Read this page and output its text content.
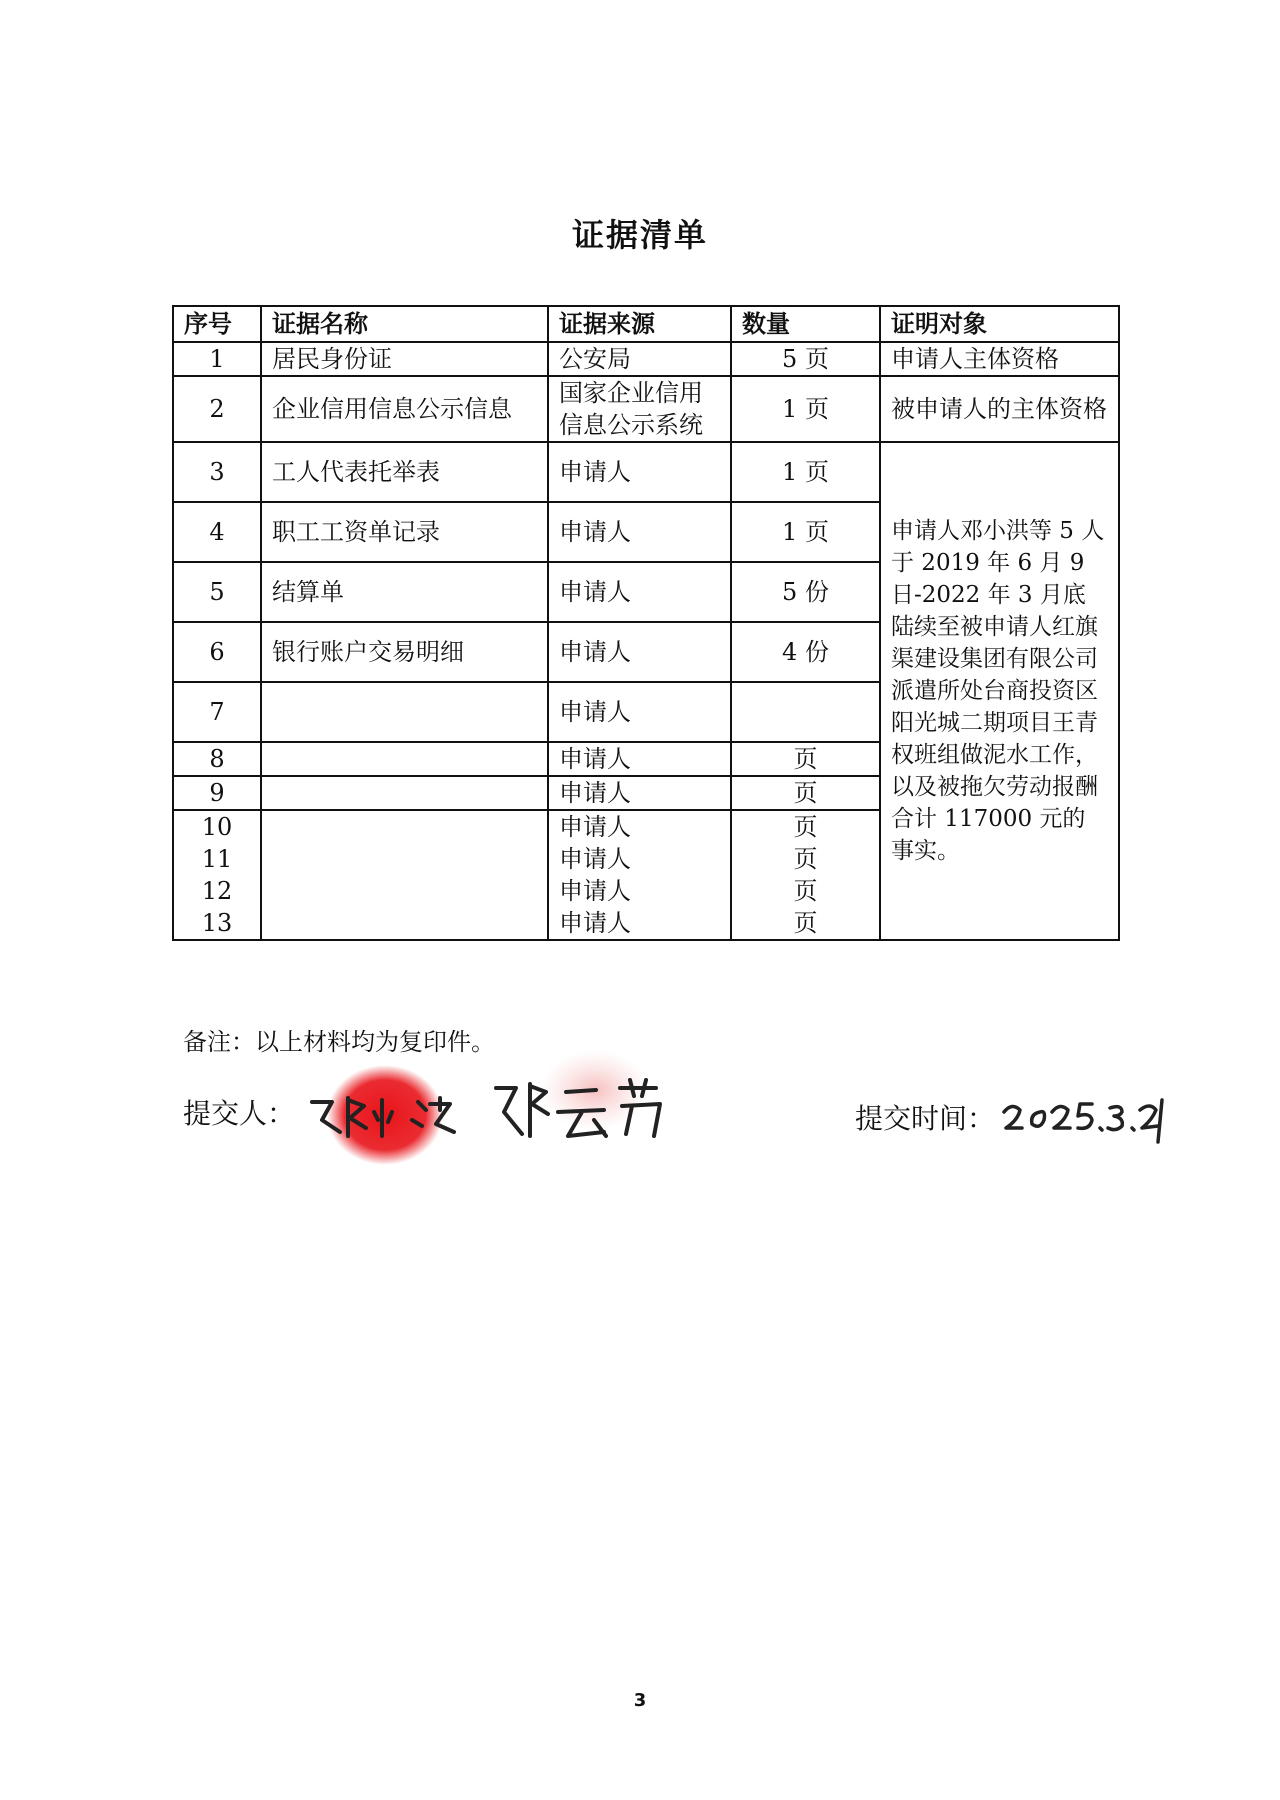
证据清单
序号	证据名称	证据来源	数量	证明对象
1	居民身份证	公安局	5 页	申请人主体资格
2	企业信用信息公示信息	国家企业信用信息公示系统	1 页	被申请人的主体资格
3	工人代表托举表	申请人	1 页	申请人邓小洪等 5 人于 2019 年 6 月 9 日-2022 年 3 月底陆续至被申请人红旗渠建设集团有限公司派遣所处台商投资区阳光城二期项目王青权班组做泥水工作，以及被拖欠劳动报酬合计 117000 元的事实。
4	职工工资单记录	申请人	1 页	
5	结算单	申请人	5 份	
6	银行账户交易明细	申请人	4 份	
7		申请人		
8		申请人	页	
9		申请人	页	
10		申请人	页	
11		申请人	页	
12		申请人	页	
13		申请人	页	
备注：以上材料均为复印件。
提交人：	提交时间：
3
